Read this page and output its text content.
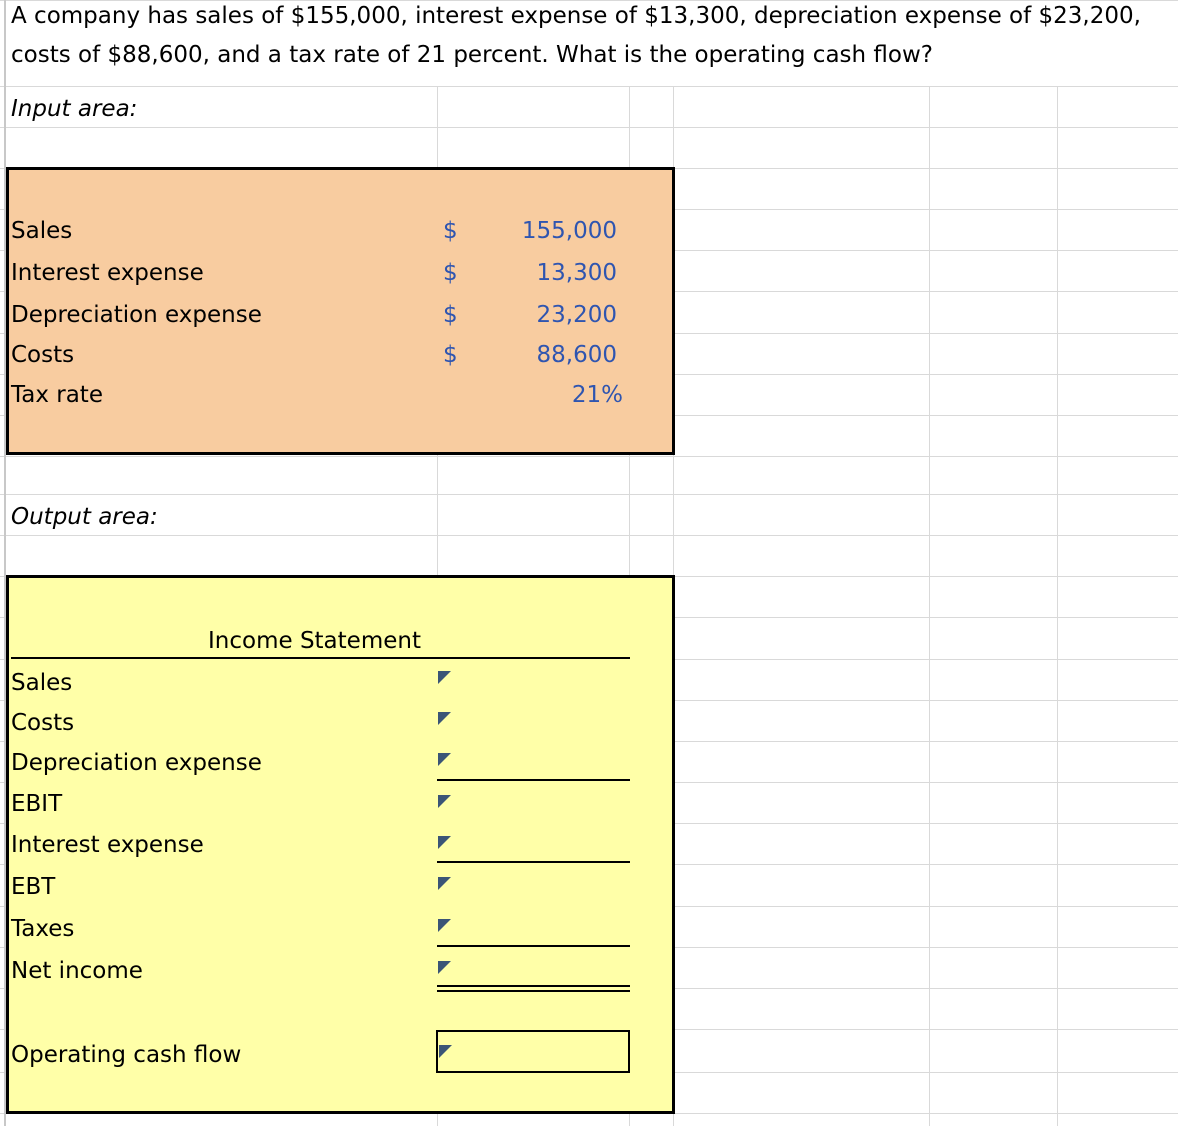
A company has sales of $155,000, interest expense of $13,300, depreciation expense of $23,200,
costs of $88,600, and a tax rate of 21 percent. What is the operating cash flow?
Input area:
Sales	$	155,000
Interest expense	$	13,300
Depreciation expense	$	23,200
Costs	$	88,600
Tax rate	21%
Output area:
Income Statement
Sales
Costs
Depreciation expense
EBIT
Interest expense
EBT
Taxes
Net income
Operating cash flow
